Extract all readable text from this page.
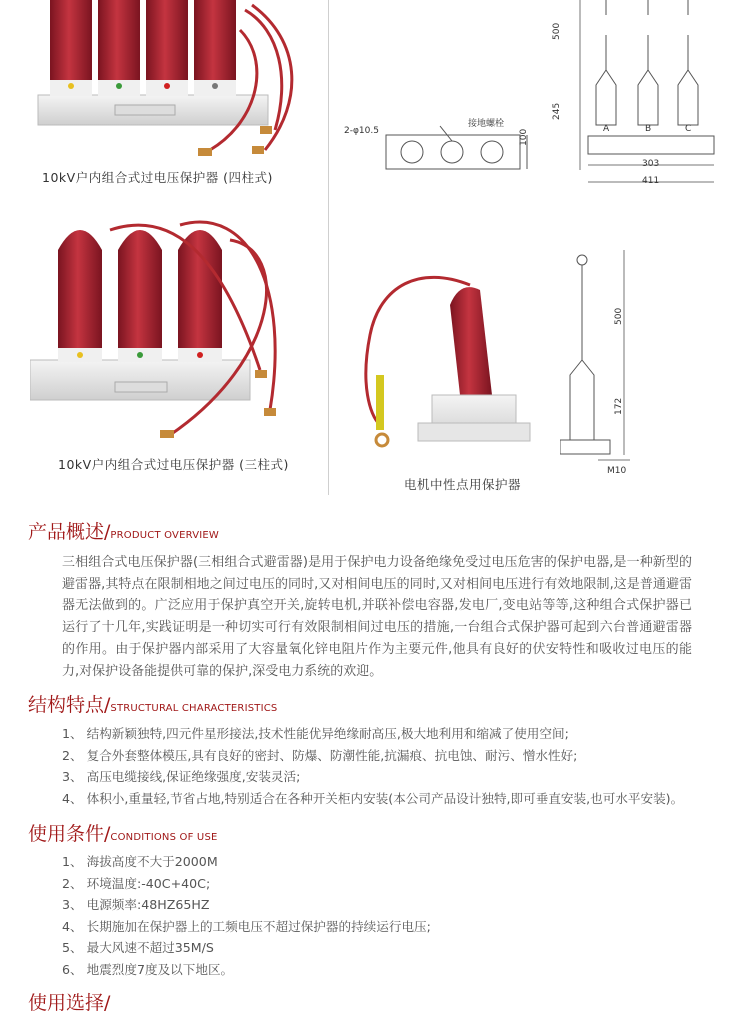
10kV户内组合式过电压保护器 (四柱式)
2-φ10.5
接地螺栓
100
500
245
A	B	C
303
411
10kV户内组合式过电压保护器 (三柱式)
电机中性点用保护器
500
172
M10
产品概述/PRODUCT OVERVIEW
三相组合式电压保护器(三相组合式避雷器)是用于保护电力设备绝缘免受过电压危害的保护电器,是一种新型的避雷器,其特点在限制相地之间过电压的同时,又对相间电压的同时,又对相间电压进行有效地限制,这是普通避雷器无法做到的。广泛应用于保护真空开关,旋转电机,并联补偿电容器,发电厂,变电站等等,这种组合式保护器已运行了十几年,实践证明是一种切实可行有效限制相间过电压的措施,一台组合式保护器可起到六台普通避雷器的作用。由于保护器内部采用了大容量氧化锌电阻片作为主要元件,他具有良好的伏安特性和吸收过电压的能力,对保护设备能提供可靠的保护,深受电力系统的欢迎。
结构特点/STRUCTURAL CHARACTERISTICS
1、 结构新颖独特,四元件星形接法,技术性能优异绝缘耐高压,极大地利用和缩减了使用空间;
2、 复合外套整体模压,具有良好的密封、防爆、防潮性能,抗漏痕、抗电蚀、耐污、憎水性好;
3、 高压电缆接线,保证绝缘强度,安装灵活;
4、 体积小,重量轻,节省占地,特别适合在各种开关柜内安装(本公司产品设计独特,即可垂直安装,也可水平安装)。
使用条件/CONDITIONS OF USE
1、 海拔高度不大于2000M
2、 环境温度:-40C+40C;
3、 电源频率:48HZ65HZ
4、 长期施加在保护器上的工频电压不超过保护器的持续运行电压;
5、 最大风速不超过35M/S
6、 地震烈度7度及以下地区。
使用选择/
